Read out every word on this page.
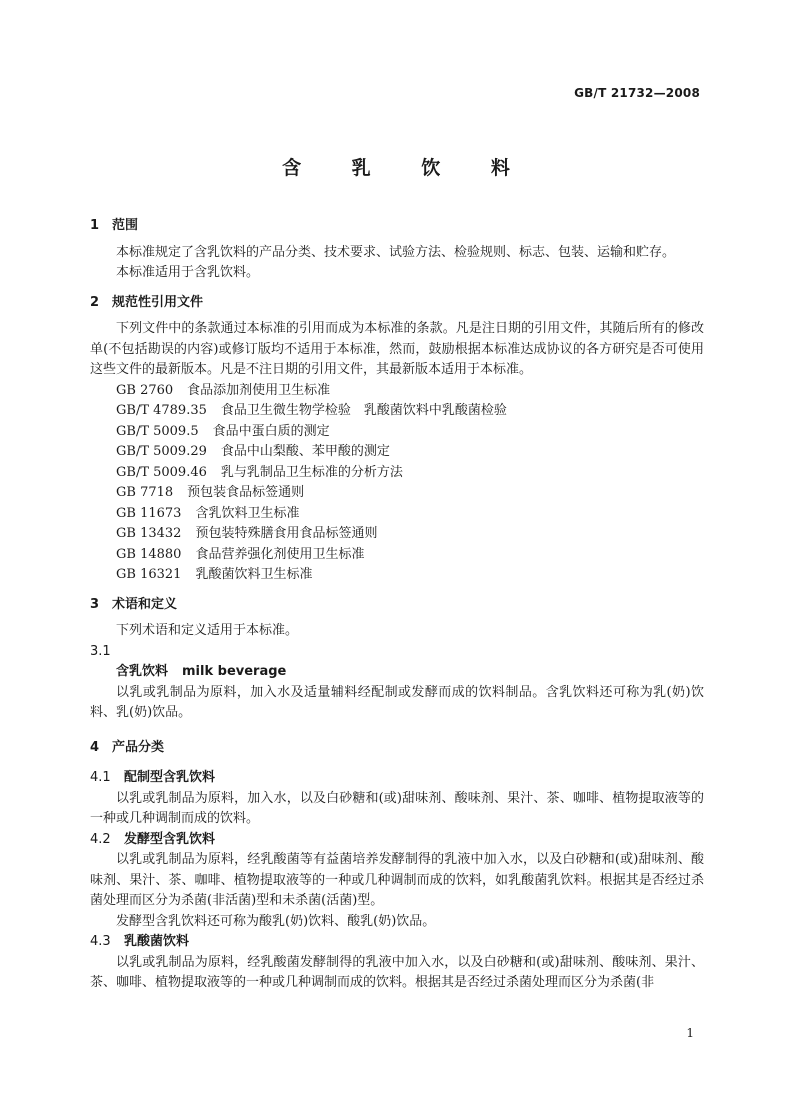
GB/T 21732—2008
含 乳 饮 料
1 范围

本标准规定了含乳饮料的产品分类、技术要求、试验方法、检验规则、标志、包装、运输和贮存。

本标准适用于含乳饮料。

2 规范性引用文件

下列文件中的条款通过本标准的引用而成为本标准的条款。凡是注日期的引用文件，其随后所有的修改单(不包括勘误的内容)或修订版均不适用于本标准，然而，鼓励根据本标准达成协议的各方研究是否可使用这些文件的最新版本。凡是不注日期的引用文件，其最新版本适用于本标准。

GB 2760 食品添加剂使用卫生标准

GB/T 4789.35 食品卫生微生物学检验　乳酸菌饮料中乳酸菌检验

GB/T 5009.5 食品中蛋白质的测定

GB/T 5009.29 食品中山梨酸、苯甲酸的测定

GB/T 5009.46 乳与乳制品卫生标准的分析方法

GB 7718 预包装食品标签通则

GB 11673 含乳饮料卫生标准

GB 13432 预包装特殊膳食用食品标签通则

GB 14880 食品营养强化剂使用卫生标准

GB 16321 乳酸菌饮料卫生标准

3 术语和定义

下列术语和定义适用于本标准。

3.1

含乳饮料 milk beverage

以乳或乳制品为原料，加入水及适量辅料经配制或发酵而成的饮料制品。含乳饮料还可称为乳(奶)饮料、乳(奶)饮品。

4 产品分类
4.1 配制型含乳饮料

以乳或乳制品为原料，加入水，以及白砂糖和(或)甜味剂、酸味剂、果汁、茶、咖啡、植物提取液等的一种或几种调制而成的饮料。

4.2 发酵型含乳饮料

以乳或乳制品为原料，经乳酸菌等有益菌培养发酵制得的乳液中加入水，以及白砂糖和(或)甜味剂、酸味剂、果汁、茶、咖啡、植物提取液等的一种或几种调制而成的饮料，如乳酸菌乳饮料。根据其是否经过杀菌处理而区分为杀菌(非活菌)型和未杀菌(活菌)型。

发酵型含乳饮料还可称为酸乳(奶)饮料、酸乳(奶)饮品。

4.3 乳酸菌饮料

以乳或乳制品为原料，经乳酸菌发酵制得的乳液中加入水，以及白砂糖和(或)甜味剂、酸味剂、果汁、茶、咖啡、植物提取液等的一种或几种调制而成的饮料。根据其是否经过杀菌处理而区分为杀菌(非

1
